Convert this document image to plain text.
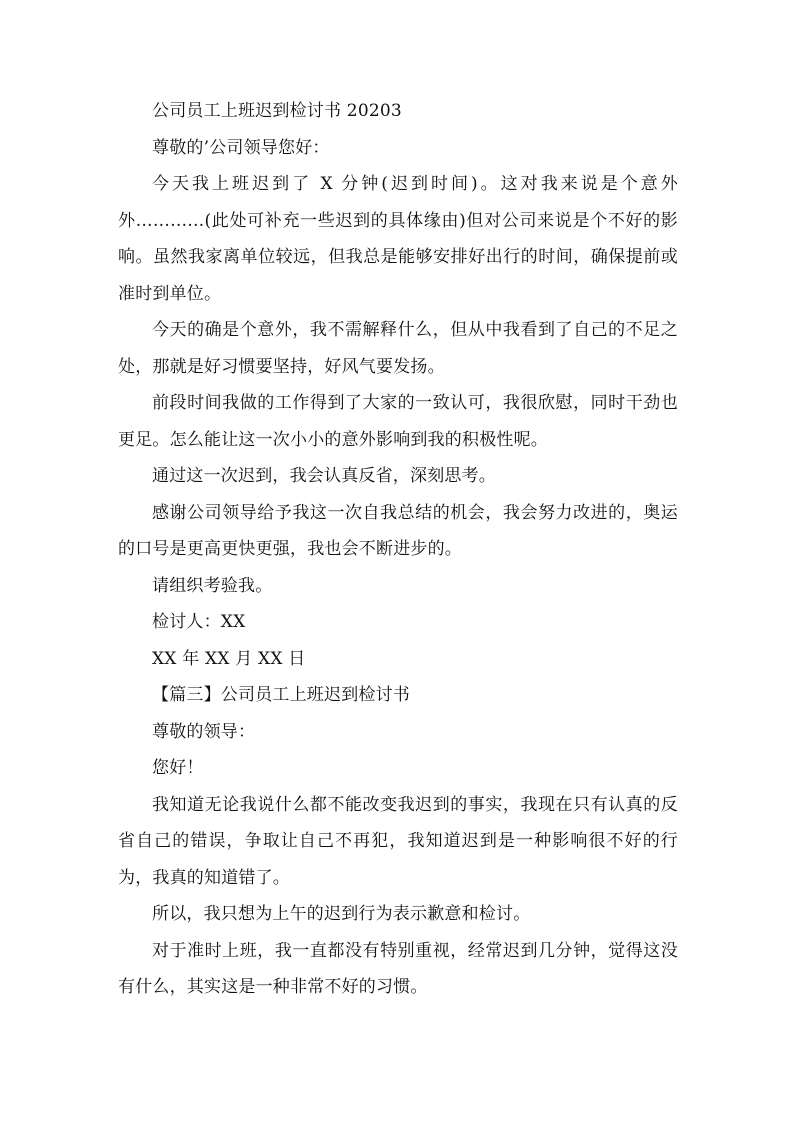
公司员工上班迟到检讨书 20203

尊敬的’公司领导您好：

今天我上班迟到了 X 分钟(迟到时间)。这对我来说是个意外外…………(此处可补充一些迟到的具体缘由)但对公司来说是个不好的影响。虽然我家离单位较远，但我总是能够安排好出行的时间，确保提前或准时到单位。

今天的确是个意外，我不需解释什么，但从中我看到了自己的不足之处，那就是好习惯要坚持，好风气要发扬。

前段时间我做的工作得到了大家的一致认可，我很欣慰，同时干劲也更足。怎么能让这一次小小的意外影响到我的积极性呢。

通过这一次迟到，我会认真反省，深刻思考。

感谢公司领导给予我这一次自我总结的机会，我会努力改进的，奥运的口号是更高更快更强，我也会不断进步的。

请组织考验我。

检讨人：XX

XX 年 XX 月 XX 日

【篇三】公司员工上班迟到检讨书

尊敬的领导：

您好！

我知道无论我说什么都不能改变我迟到的事实，我现在只有认真的反省自己的错误，争取让自己不再犯，我知道迟到是一种影响很不好的行为，我真的知道错了。

所以，我只想为上午的迟到行为表示歉意和检讨。

对于准时上班，我一直都没有特别重视，经常迟到几分钟，觉得这没有什么，其实这是一种非常不好的习惯。
